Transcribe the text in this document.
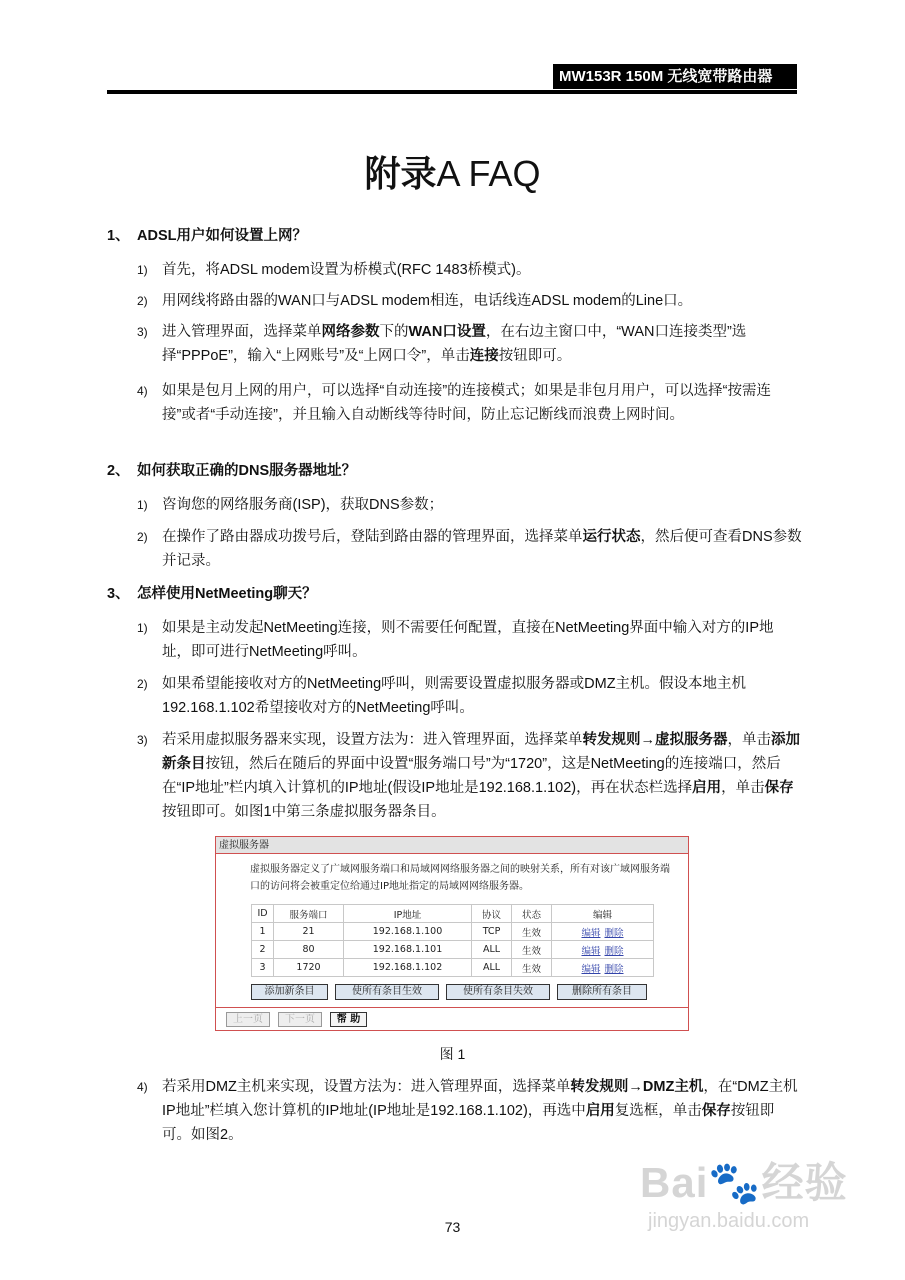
MW153R 150M 无线宽带路由器
附录A FAQ
1、 ADSL用户如何设置上网？
1) 首先，将ADSL modem设置为桥模式(RFC 1483桥模式)。
2) 用网线将路由器的WAN口与ADSL modem相连，电话线连ADSL modem的Line口。
3) 进入管理界面，选择菜单网络参数下的WAN口设置，在右边主窗口中，“WAN口连接类型”选择“PPPoE”，输入“上网账号”及“上网口令”，单击连接按钮即可。
4) 如果是包月上网的用户，可以选择“自动连接”的连接模式；如果是非包月用户，可以选择“按需连接”或者“手动连接”，并且输入自动断线等待时间，防止忘记断线而浪费上网时间。
2、 如何获取正确的DNS服务器地址？
1) 咨询您的网络服务商(ISP)，获取DNS参数；
2) 在操作了路由器成功拨号后，登陆到路由器的管理界面，选择菜单运行状态，然后便可查看DNS参数并记录。
3、 怎样使用NetMeeting聊天？
1) 如果是主动发起NetMeeting连接，则不需要任何配置，直接在NetMeeting界面中输入对方的IP地址，即可进行NetMeeting呼叫。
2) 如果希望能接收对方的NetMeeting呼叫，则需要设置虚拟服务器或DMZ主机。假设本地主机192.168.1.102希望接收对方的NetMeeting呼叫。
3) 若采用虚拟服务器来实现，设置方法为：进入管理界面，选择菜单转发规则→虚拟服务器，单击添加新条目按钮，然后在随后的界面中设置“服务端口号”为“1720”，这是NetMeeting的连接端口，然后在“IP地址”栏内填入计算机的IP地址(假设IP地址是192.168.1.102)，再在状态栏选择启用，单击保存按钮即可。如图1中第三条虚拟服务器条目。
虚拟服务器
虚拟服务器定义了广域网服务端口和局域网网络服务器之间的映射关系，所有对该广域网服务端口的访问将会被重定位给通过IP地址指定的局域网网络服务器。
ID	服务端口	IP地址	协议	状态	编辑
1	21	192.168.1.100	TCP	生效	编辑 删除
2	80	192.168.1.101	ALL	生效	编辑 删除
3	1720	192.168.1.102	ALL	生效	编辑 删除
添加新条目	使所有条目生效	使所有条目失效	删除所有条目
上一页	下一页	帮 助
图 1
4) 若采用DMZ主机来实现，设置方法为：进入管理界面，选择菜单转发规则→DMZ主机，在“DMZ主机IP地址”栏填入您计算机的IP地址(IP地址是192.168.1.102)，再选中启用复选框，单击保存按钮即可。如图2。
Bai🐾经验
jingyan.baidu.com
73
